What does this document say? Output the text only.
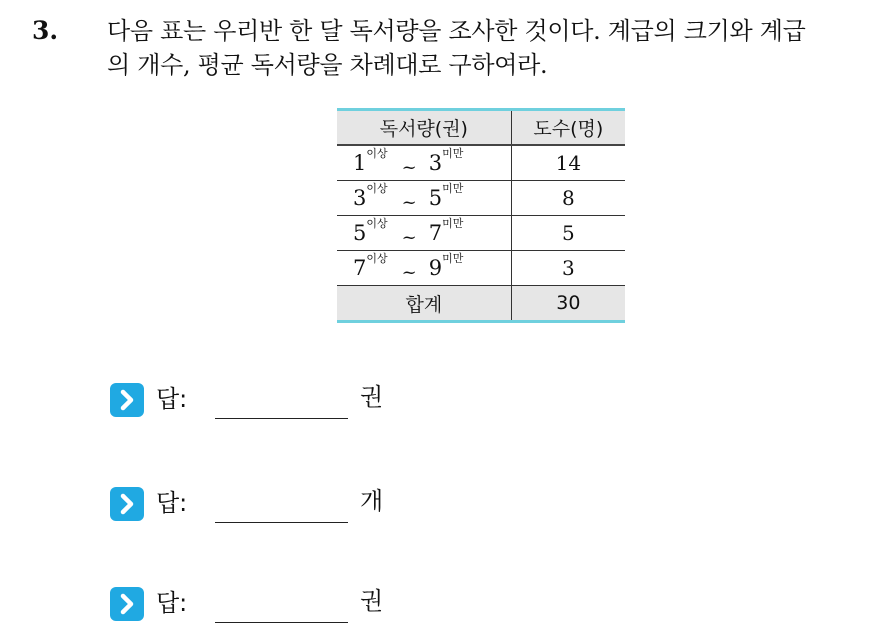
3. 다음 표는 우리반 한 달 독서량을 조사한 것이다. 계급의 크기와 계급
의 개수, 평균 독서량을 차례대로 구하여라.
독서량(권)	도수(명)
$1^{이상}\sim$ $3^{미만}$	14
$3^{이상}\sim$ $5^{미만}$	8
$5^{이상}\sim$ $7^{미만}$	5
$7^{이상}\sim$ $9^{미만}$	3
합계	30
답:	권
답:	개
답:	권
